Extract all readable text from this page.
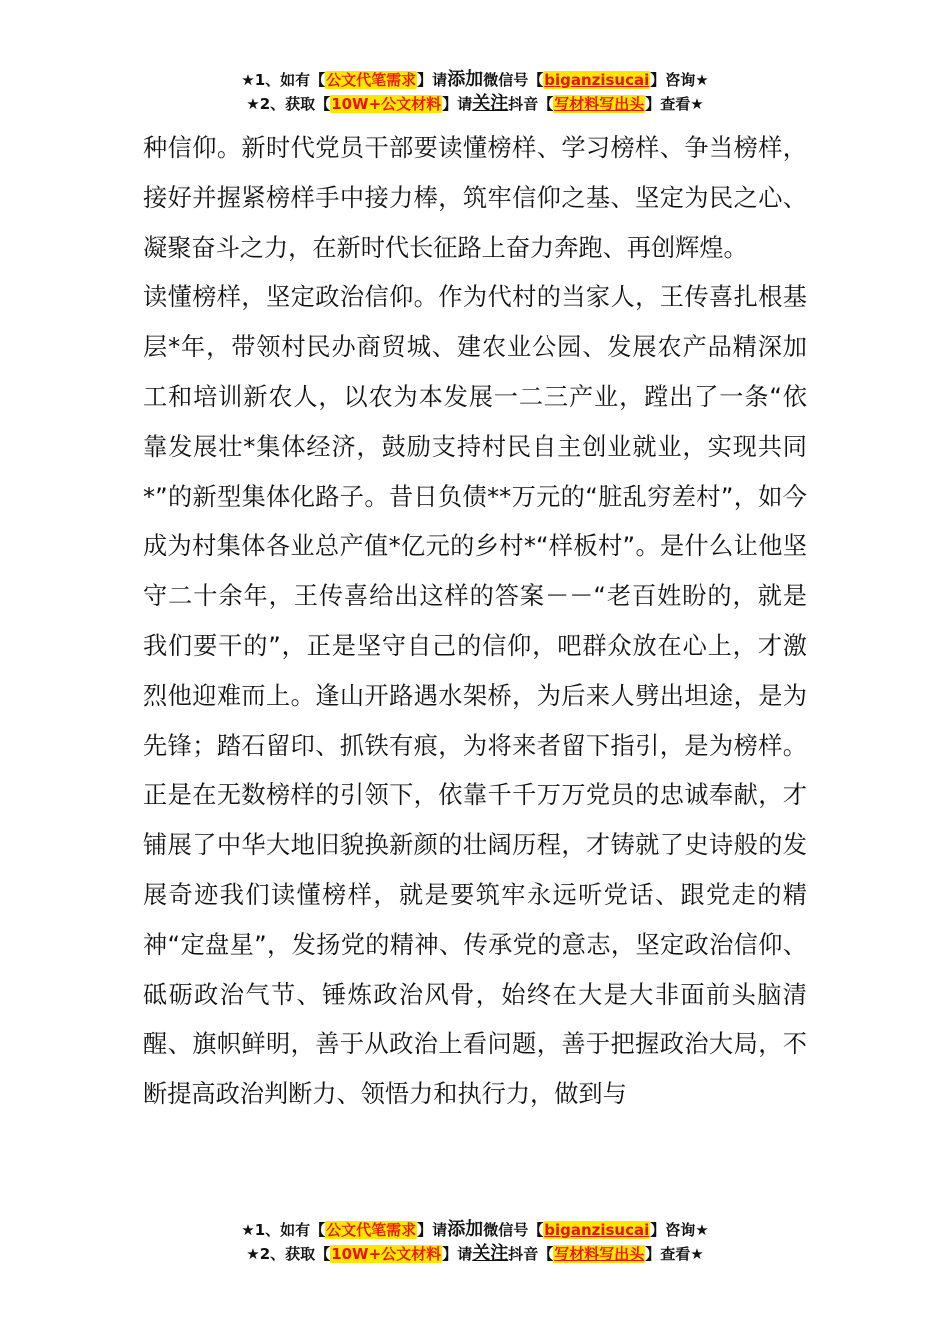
★1、如有【公文代笔需求】请添加微信号【biganzisucai】咨询★
★2、获取【10W+公文材料】请关注抖音【写材料写出头】查看★

种信仰。新时代党员干部要读懂榜样、学习榜样、争当榜样，接好并握紧榜样手中接力棒，筑牢信仰之基、坚定为民之心、凝聚奋斗之力，在新时代长征路上奋力奔跑、再创辉煌。

读懂榜样，坚定政治信仰。作为代村的当家人，王传喜扎根基层*年，带领村民办商贸城、建农业公园、发展农产品精深加工和培训新农人，以农为本发展一二三产业，蹚出了一条“依靠发展壮*集体经济，鼓励支持村民自主创业就业，实现共同*”的新型集体化路子。昔日负债**万元的“脏乱穷差村”，如今成为村集体各业总产值*亿元的乡村*“样板村”。是什么让他坚守二十余年，王传喜给出这样的答案－－“老百姓盼的，就是我们要干的”，正是坚守自己的信仰，吧群众放在心上，才激烈他迎难而上。逢山开路遇水架桥，为后来人劈出坦途，是为先锋；踏石留印、抓铁有痕，为将来者留下指引，是为榜样。正是在无数榜样的引领下，依靠千千万万党员的忠诚奉献，才铺展了中华大地旧貌换新颜的壮阔历程，才铸就了史诗般的发展奇迹我们读懂榜样，就是要筑牢永远听党话、跟党走的精神“定盘星”，发扬党的精神、传承党的意志，坚定政治信仰、砥砺政治气节、锤炼政治风骨，始终在大是大非面前头脑清醒、旗帜鲜明，善于从政治上看问题，善于把握政治大局，不断提高政治判断力、领悟力和执行力，做到与

★1、如有【公文代笔需求】请添加微信号【biganzisucai】咨询★
★2、获取【10W+公文材料】请关注抖音【写材料写出头】查看★
